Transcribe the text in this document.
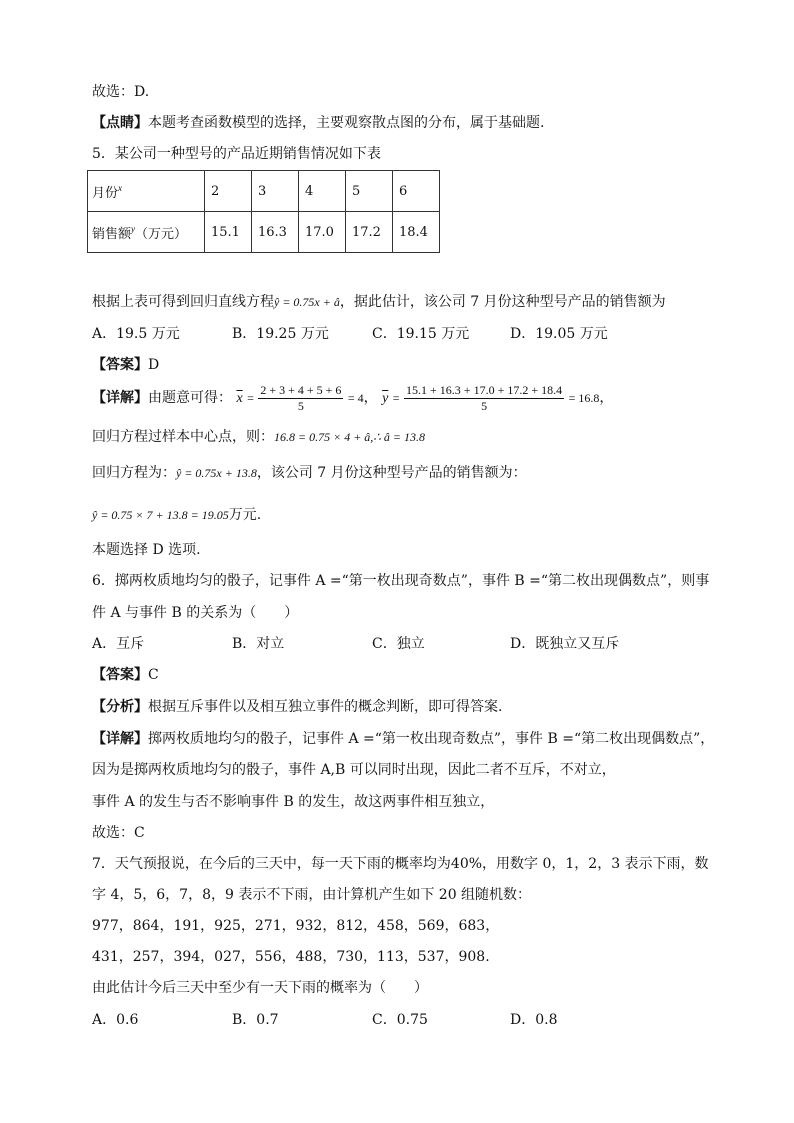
故选：D.
【点睛】本题考查函数模型的选择，主要观察散点图的分布，属于基础题.
5．某公司一种型号的产品近期销售情况如下表
月份$^x$	2	3	4	5	6
销售额$^y$（万元）	15.1	16.3	17.0	17.2	18.4
根据上表可得到回归直线方程ŷ = 0.75x + â，据此估计，该公司 7 月份这种型号产品的销售额为
A．19.5 万元	B．19.25 万元	C．19.15 万元	D．19.05 万元
【答案】D
【详解】由题意可得： $\overline{x} = \frac{2 + 3 + 4 + 5 + 6}{5} = 4$， $\overline{y} = \frac{15.1 + 16.3 + 17.0 + 17.2 + 18.4}{5} = 16.8$，
回归方程过样本中心点，则：16.8 = 0.75 × 4 + â,∴ â = 13.8
回归方程为：ŷ = 0.75x + 13.8，该公司 7 月份这种型号产品的销售额为：
ŷ = 0.75 × 7 + 13.8 = 19.05万元.
本题选择 D 选项.
6．掷两枚质地均匀的骰子，记事件 A =“第一枚出现奇数点”，事件 B =“第二枚出现偶数点”，则事
件 A 与事件 B 的关系为（　　）
A．互斥	B．对立	C．独立	D．既独立又互斥
【答案】C
【分析】根据互斥事件以及相互独立事件的概念判断，即可得答案.
【详解】掷两枚质地均匀的骰子，记事件 A =“第一枚出现奇数点”，事件 B =“第二枚出现偶数点”，
因为是掷两枚质地均匀的骰子，事件 A,B 可以同时出现，因此二者不互斥，不对立，
事件 A 的发生与否不影响事件 B 的发生，故这两事件相互独立，
故选：C
7．天气预报说，在今后的三天中，每一天下雨的概率均为40%，用数字 0，1，2，3 表示下雨，数
字 4，5，6，7，8，9 表示不下雨，由计算机产生如下 20 组随机数：
977，864，191，925，271，932，812，458，569，683，
431，257，394，027，556，488，730，113，537，908.
由此估计今后三天中至少有一天下雨的概率为（　　）
A．0.6	B．0.7	C．0.75	D．0.8
